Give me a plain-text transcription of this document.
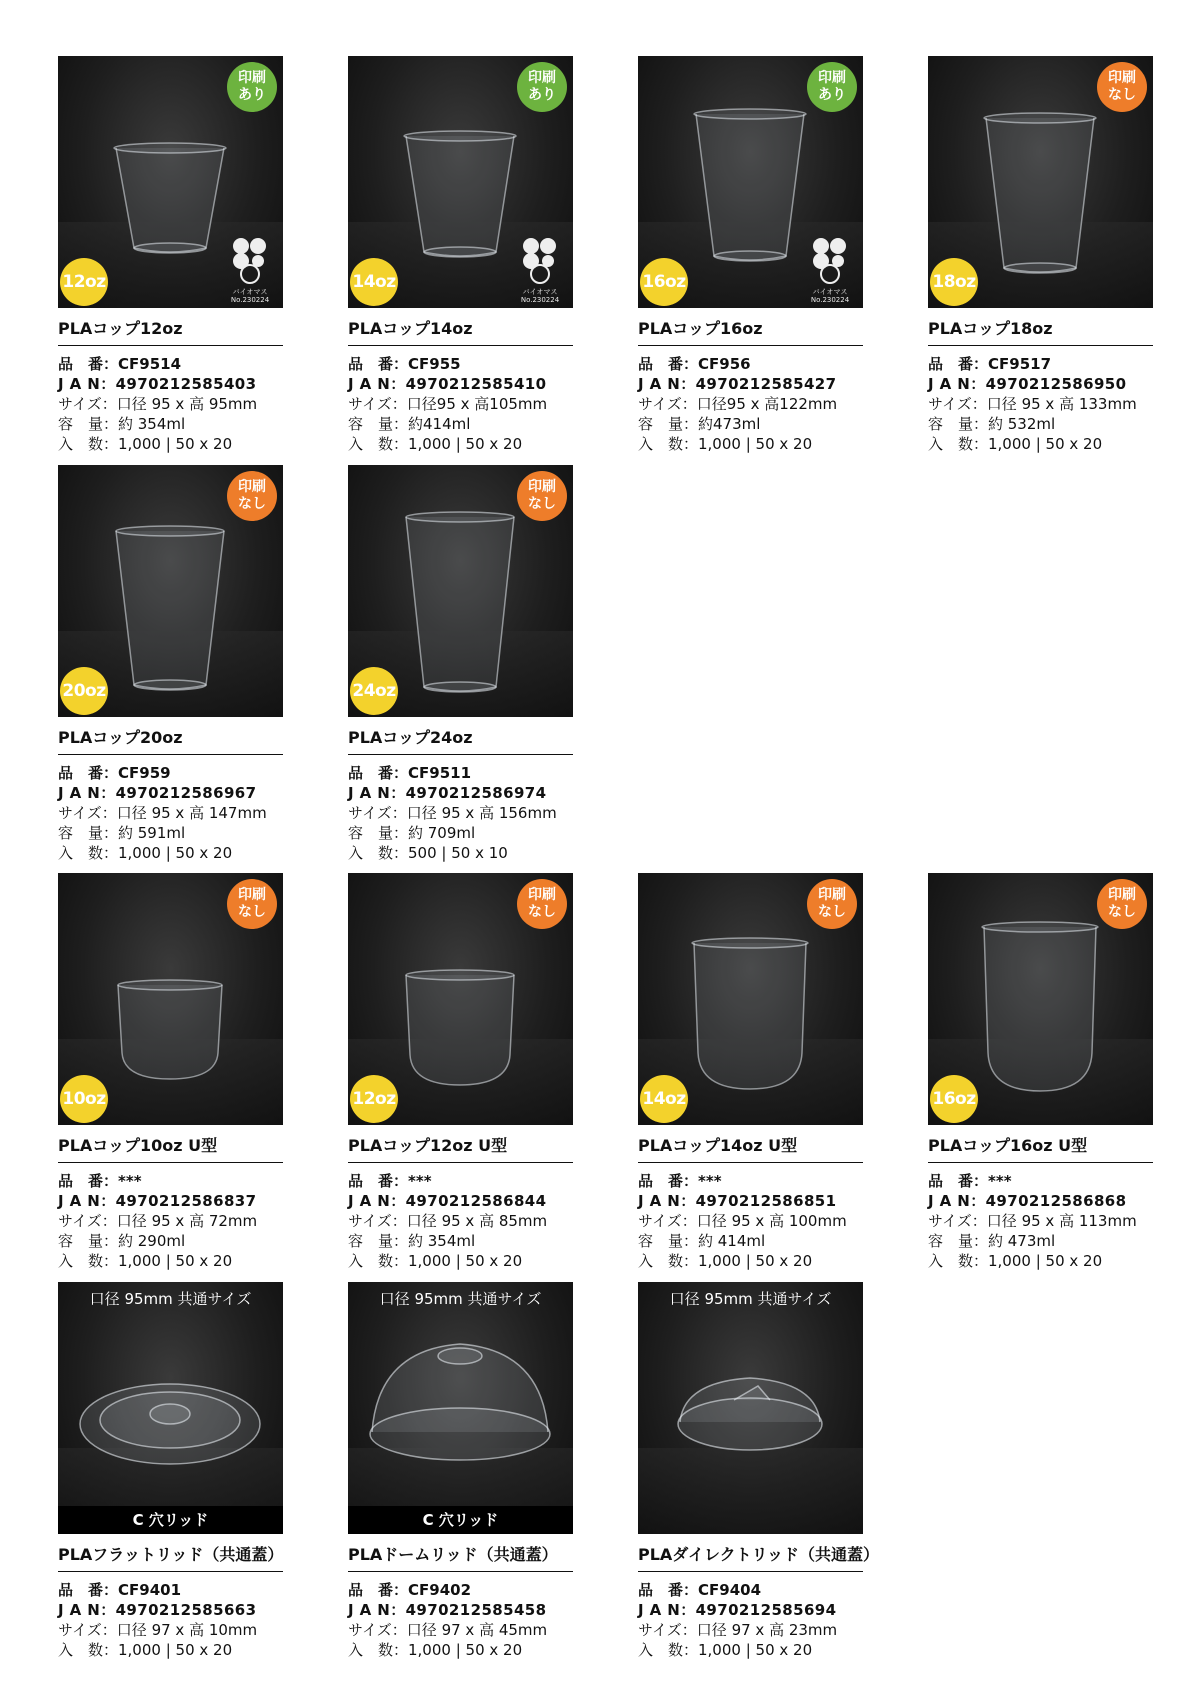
印刷
あり
12oz	バイオマス
No.230224
PLAコップ12oz
品　番：CF9514
J A N：4970212585403
サイズ：口径 95 x 高 95mm
容　量：約 354ml
入　数：1,000 | 50 x 20
印刷
あり
14oz	バイオマス
No.230224
PLAコップ14oz
品　番：CF955
J A N：4970212585410
サイズ：口径95 x 高105mm
容　量：約414ml
入　数：1,000 | 50 x 20
印刷
あり
16oz	バイオマス
No.230224
PLAコップ16oz
品　番：CF956
J A N：4970212585427
サイズ：口径95 x 高122mm
容　量：約473ml
入　数：1,000 | 50 x 20
印刷
なし
18oz
PLAコップ18oz
品　番：CF9517
J A N：4970212586950
サイズ：口径 95 x 高 133mm
容　量：約 532ml
入　数：1,000 | 50 x 20
印刷
なし
20oz
PLAコップ20oz
品　番：CF959
J A N：4970212586967
サイズ：口径 95 x 高 147mm
容　量：約 591ml
入　数：1,000 | 50 x 20
印刷
なし
24oz
PLAコップ24oz
品　番：CF9511
J A N：4970212586974
サイズ：口径 95 x 高 156mm
容　量：約 709ml
入　数：500 | 50 x 10
印刷
なし
10oz
PLAコップ10oz U型
品　番：***
J A N：4970212586837
サイズ：口径 95 x 高 72mm
容　量：約 290ml
入　数：1,000 | 50 x 20
印刷
なし
12oz
PLAコップ12oz U型
品　番：***
J A N：4970212586844
サイズ：口径 95 x 高 85mm
容　量：約 354ml
入　数：1,000 | 50 x 20
印刷
なし
14oz
PLAコップ14oz U型
品　番：***
J A N：4970212586851
サイズ：口径 95 x 高 100mm
容　量：約 414ml
入　数：1,000 | 50 x 20
印刷
なし
16oz
PLAコップ16oz U型
品　番：***
J A N：4970212586868
サイズ：口径 95 x 高 113mm
容　量：約 473ml
入　数：1,000 | 50 x 20
口径 95mm 共通サイズ
C 穴リッド
PLAフラットリッド（共通蓋）
品　番：CF9401
J A N：4970212585663
サイズ：口径 97 x 高 10mm
入　数：1,000 | 50 x 20
口径 95mm 共通サイズ
C 穴リッド
PLAドームリッド（共通蓋）
品　番：CF9402
J A N：4970212585458
サイズ：口径 97 x 高 45mm
入　数：1,000 | 50 x 20
口径 95mm 共通サイズ
PLAダイレクトリッド（共通蓋）
品　番：CF9404
J A N：4970212585694
サイズ：口径 97 x 高 23mm
入　数：1,000 | 50 x 20
